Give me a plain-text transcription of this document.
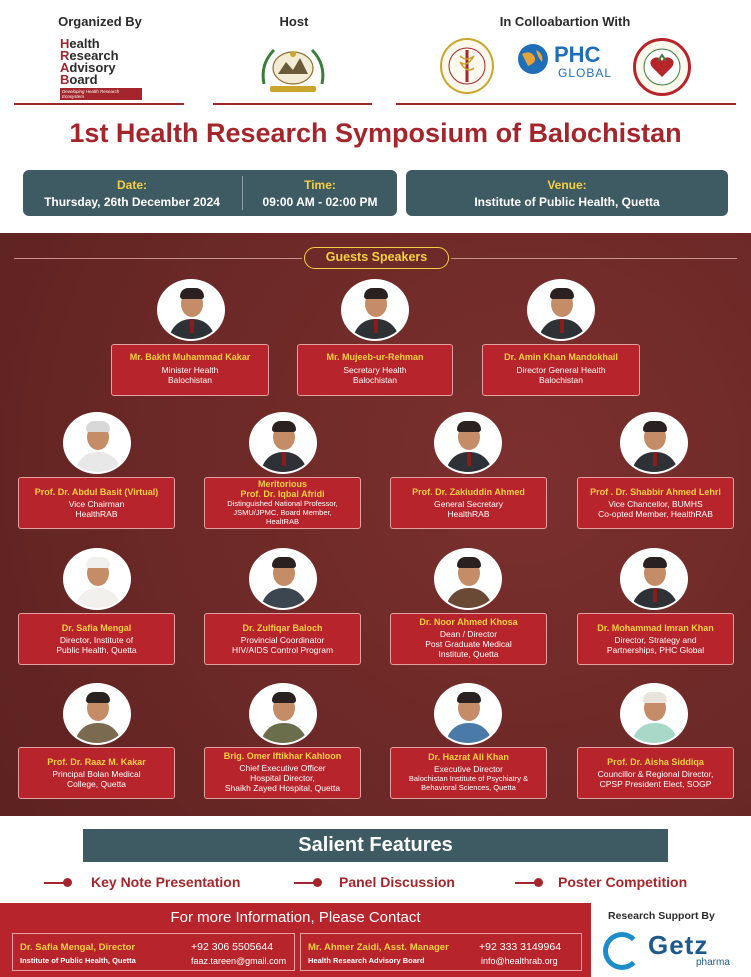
Organized By	Host	In Colloabartion With
Health
Research
Advisory
Board
Developing Health Research Ecosystem
PHC
GLOBAL
1st Health Research Symposium of Balochistan
Date:
Thursday, 26th December 2024
Time:
09:00 AM - 02:00 PM
Venue:
Institute of Public Health, Quetta
Guests Speakers
Mr. Bakht Muhammad Kakar
Minister Health
Balochistan
Mr. Mujeeb-ur-Rehman
Secretary Health
Balochistan
Dr. Amin Khan Mandokhail
Director General Health
Balochistan
Prof. Dr. Abdul Basit (Virtual)
Vice Chairman
HealthRAB
Meritorious
Prof. Dr. Iqbal Afridi
Distinguished National Professor,
JSMU/JPMC, Board Member,
HealtRAB
Prof. Dr. Zakiuddin Ahmed
General Secretary
HealthRAB
Prof . Dr. Shabbir Ahmed Lehri
Vice Chancellor, BUMHS
Co-opted Member, HealthRAB
Dr. Safia Mengal
Director, Institute of
Public Health, Quetta
Dr. Zulfiqar Baloch
Provincial Coordinator
HIV/AIDS Control Program
Dr. Noor Ahmed Khosa
Dean / Director
Post Graduate Medical
Institute, Quetta
Dr. Mohammad Imran Khan
Director, Strategy and
Partnerships, PHC Global
Prof. Dr. Raaz M. Kakar
Principal Bolan Medical
College, Quetta
Brig. Omer Iftikhar Kahloon
Chief Executive Officer
Hospital Director,
Shaikh Zayed Hospital, Quetta
Dr. Hazrat Ali Khan
Executive Director
Balochistan Institute of Psychiatry &
Behavioral Sciences, Quetta
Prof. Dr. Aisha Siddiqa
Councillor & Regional Director,
CPSP President Elect, SOGP
Salient Features
Key Note Presentation	Panel Discussion	Poster Competition
For more Information, Please Contact
Dr. Safia Mengal, Director
Institute of Public Health, Quetta
+92 306 5505644
faaz.tareen@gmail.com
Mr. Ahmer Zaidi, Asst. Manager
Health Research Advisory Board
+92 333 3149964
info@healthrab.org
Research Support By
Getz
pharma
